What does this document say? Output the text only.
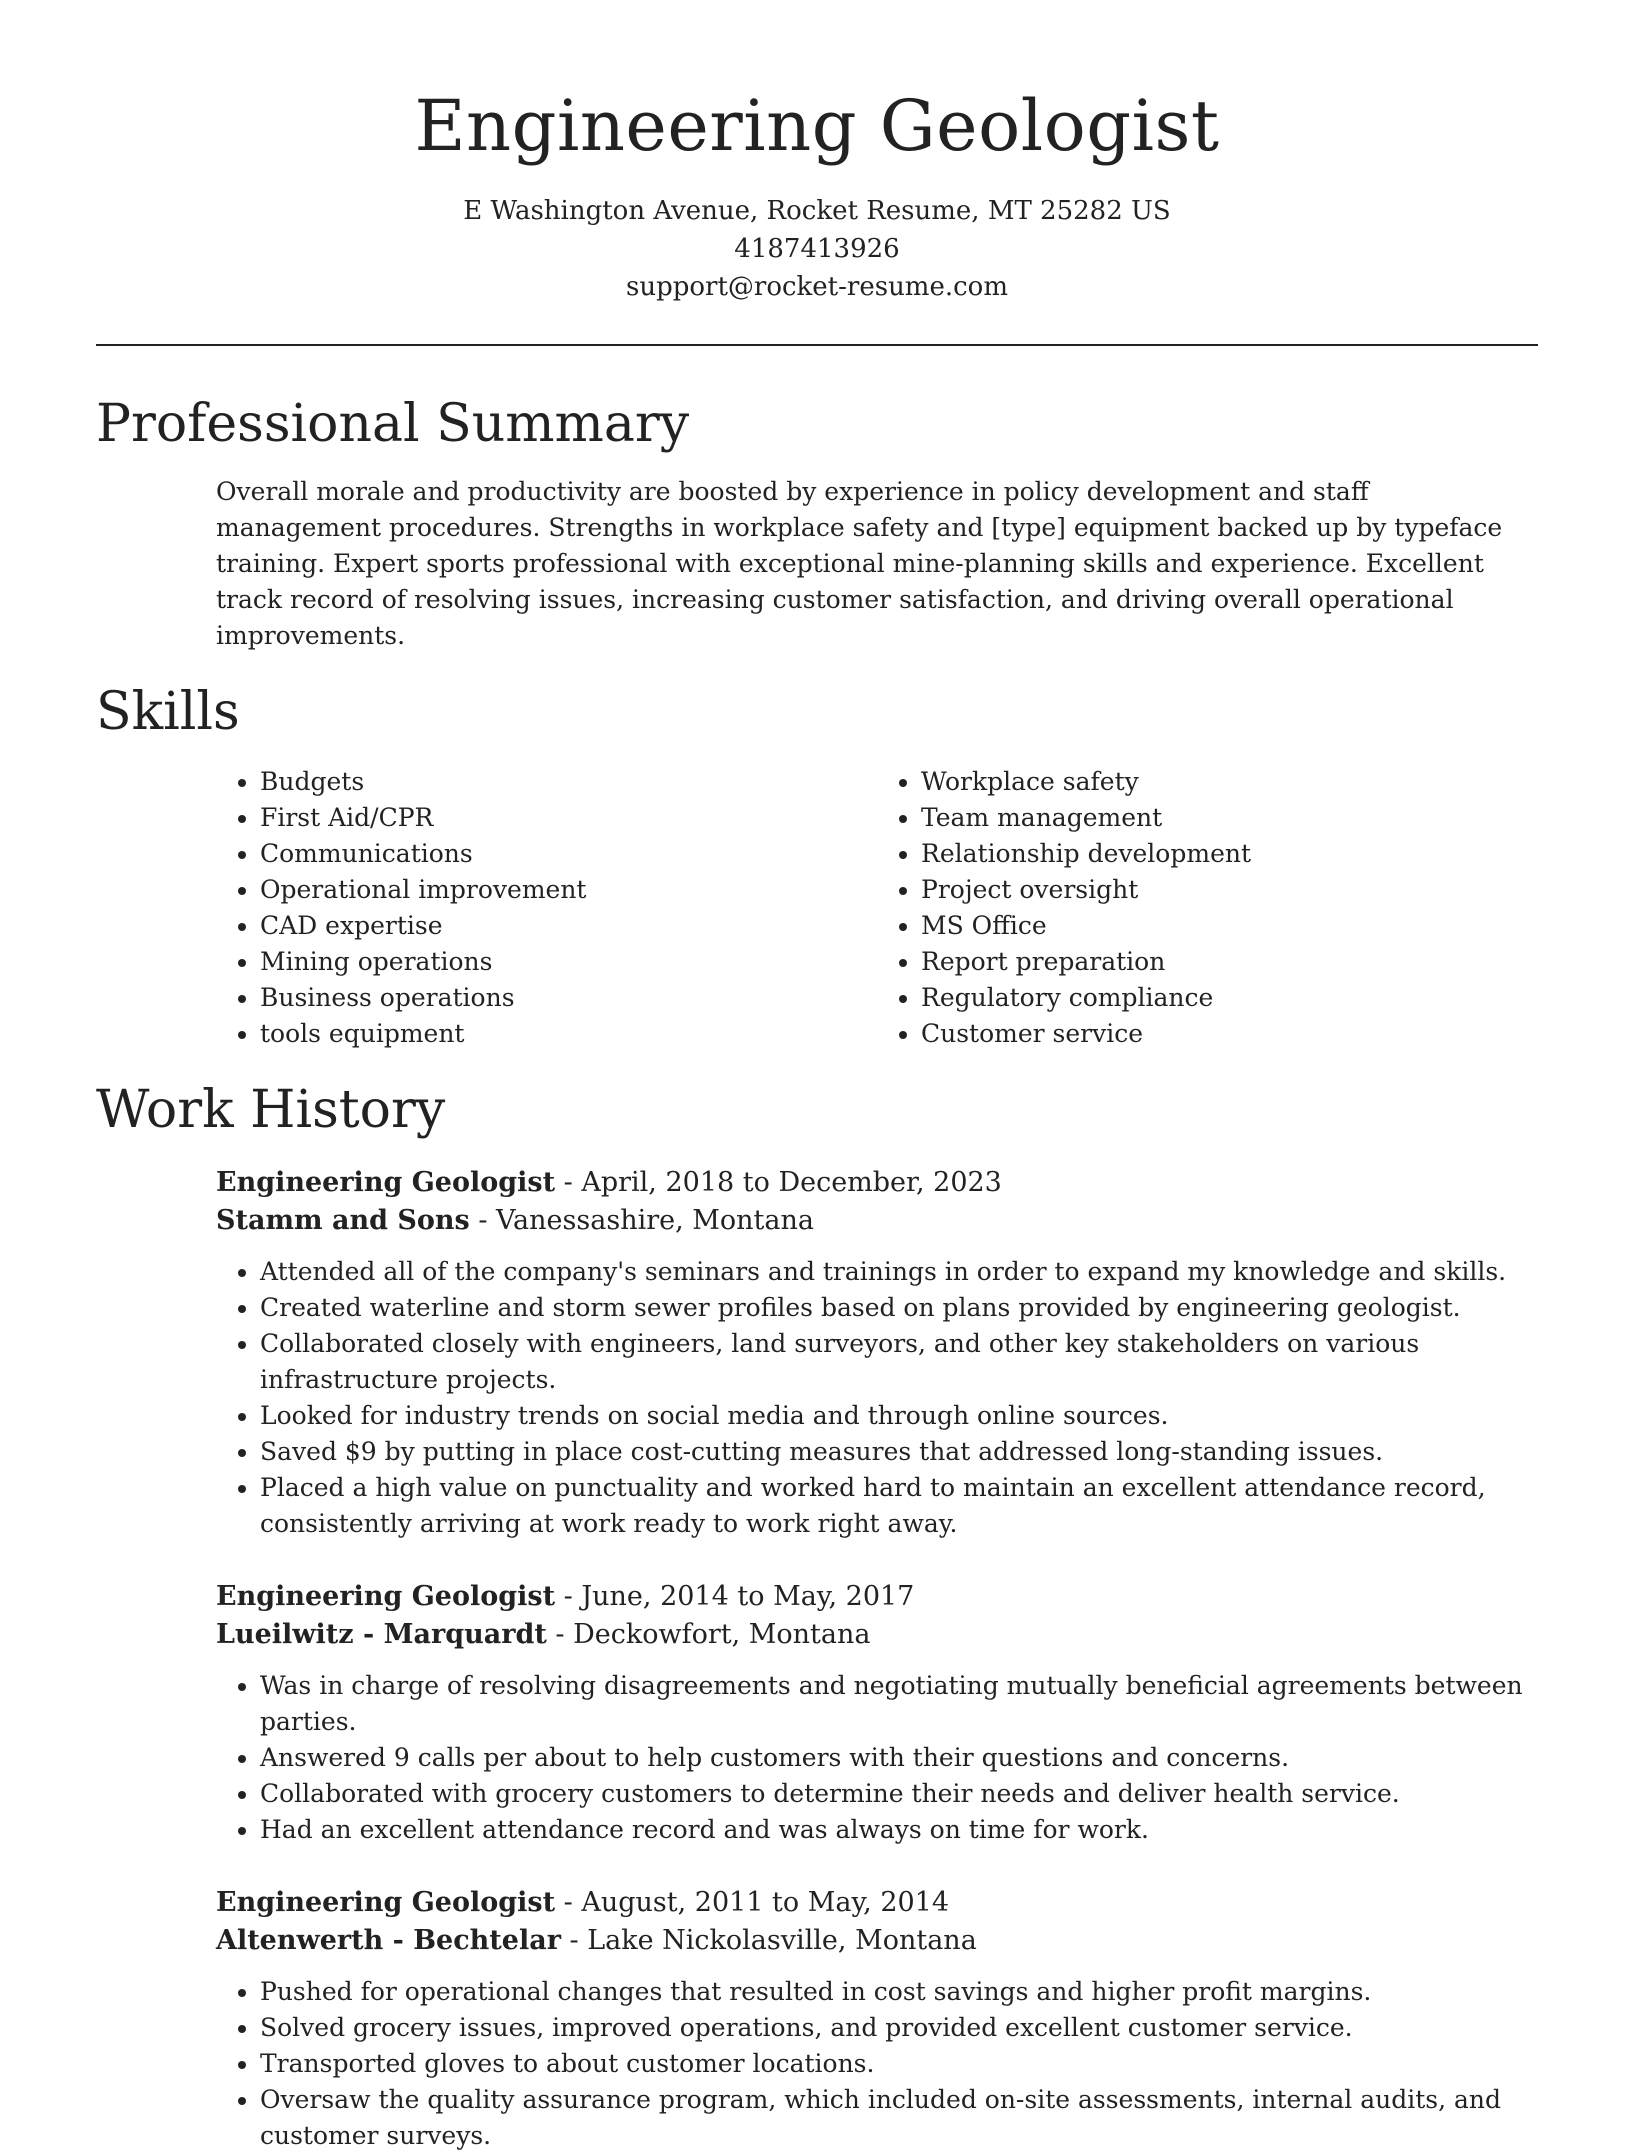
Engineering Geologist

E Washington Avenue, Rocket Resume, MT 25282 US

4187413926

support@rocket-resume.com

Professional Summary

Overall morale and productivity are boosted by experience in policy development and staff management procedures. Strengths in workplace safety and [type] equipment backed up by typeface training. Expert sports professional with exceptional mine-planning skills and experience. Excellent track record of resolving issues, increasing customer satisfaction, and driving overall operational improvements.

Skills
• Budgets
• First Aid/CPR
• Communications
• Operational improvement
• CAD expertise
• Mining operations
• Business operations
• tools equipment
• Workplace safety
• Team management
• Relationship development
• Project oversight
• MS Office
• Report preparation
• Regulatory compliance
• Customer service
Work History

Engineering Geologist - April, 2018 to December, 2023

Stamm and Sons - Vanessashire, Montana

• Attended all of the company's seminars and trainings in order to expand my knowledge and skills.
• Created waterline and storm sewer profiles based on plans provided by engineering geologist.
• Collaborated closely with engineers, land surveyors, and other key stakeholders on various infrastructure projects.
• Looked for industry trends on social media and through online sources.
• Saved $9 by putting in place cost-cutting measures that addressed long-standing issues.
• Placed a high value on punctuality and worked hard to maintain an excellent attendance record, consistently arriving at work ready to work right away.

Engineering Geologist - June, 2014 to May, 2017

Lueilwitz - Marquardt - Deckowfort, Montana

• Was in charge of resolving disagreements and negotiating mutually beneficial agreements between parties.
• Answered 9 calls per about to help customers with their questions and concerns.
• Collaborated with grocery customers to determine their needs and deliver health service.
• Had an excellent attendance record and was always on time for work.

Engineering Geologist - August, 2011 to May, 2014

Altenwerth - Bechtelar - Lake Nickolasville, Montana

• Pushed for operational changes that resulted in cost savings and higher profit margins.
• Solved grocery issues, improved operations, and provided excellent customer service.
• Transported gloves to about customer locations.
• Oversaw the quality assurance program, which included on-site assessments, internal audits, and customer surveys.
